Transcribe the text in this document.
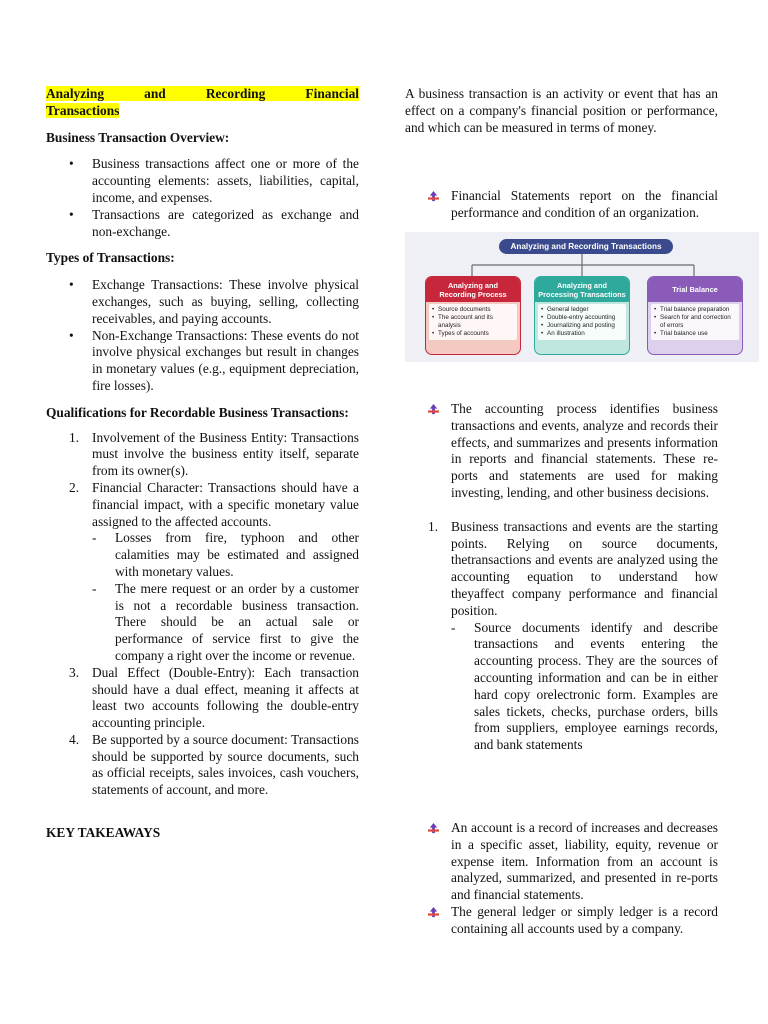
Analyzing and Recording Financial

Transactions

Business Transaction Overview:

• Business transactions affect one or more of the accounting elements: assets, liabilities, capital, income, and expenses.
• Transactions are categorized as exchange and non-exchange.

Types of Transactions:

• Exchange Transactions: These involve physical exchanges, such as buying, selling, collecting receivables, and paying accounts.
• Non-Exchange Transactions: These events do not involve physical exchanges but result in changes in monetary values (e.g., equipment depreciation, fire losses).

Qualifications for Recordable Business Transactions:

1. Involvement of the Business Entity: Transactions must involve the business entity itself, separate from its owner(s).
2. Financial Character: Transactions should have a financial impact, with a specific monetary value assigned to the affected accounts.
- Losses from fire, typhoon and other calamities may be estimated and assigned with monetary values.
- The mere request or an order by a customer is not a recordable business transaction. There should be an actual sale or performance of service first to give the company a right over the income or revenue.
3. Dual Effect (Double-Entry): Each transaction should have a dual effect, meaning it affects at least two accounts following the double-entry accounting principle.
4. Be supported by a source document: Transactions should be supported by source documents, such as official receipts, sales invoices, cash vouchers, statements of account, and more.

KEY TAKEAWAYS

A business transaction is an activity or event that has an effect on a company's financial position or performance, and which can be measured in terms of money.

Financial Statements report on the financial performance and condition of an organization.

Analyzing and Recording Transactions
Analyzing and Recording Process
• Source documents
• The account and its
analysis
• Types of accounts
Analyzing and Processing Transactions
• General ledger
• Double-entry accounting
• Journalizing and posting
• An illustration
Trial Balance
• Trial balance preparation
• Search for and correction
of errors
• Trial balance use

The accounting process identifies business transactions and events, analyze and records their effects, and summarizes and presents information in reports and financial statements. These re-ports and statements are used for making investing, lending, and other business decisions.

1. Business transactions and events are the starting points. Relying on source documents, thetransactions and events are analyzed using the accounting equation to understand how theyaffect company performance and financial position.
- Source documents identify and describe transactions and events entering the accounting process. They are the sources of accounting information and can be in either hard copy orelectronic form. Examples are sales tickets, checks, purchase orders, bills from suppliers, employee earnings records, and bank statements

An account is a record of increases and decreases in a specific asset, liability, equity, revenue or expense item. Information from an account is analyzed, summarized, and presented in re-ports and financial statements.

The general ledger or simply ledger is a record containing all accounts used by a company.
